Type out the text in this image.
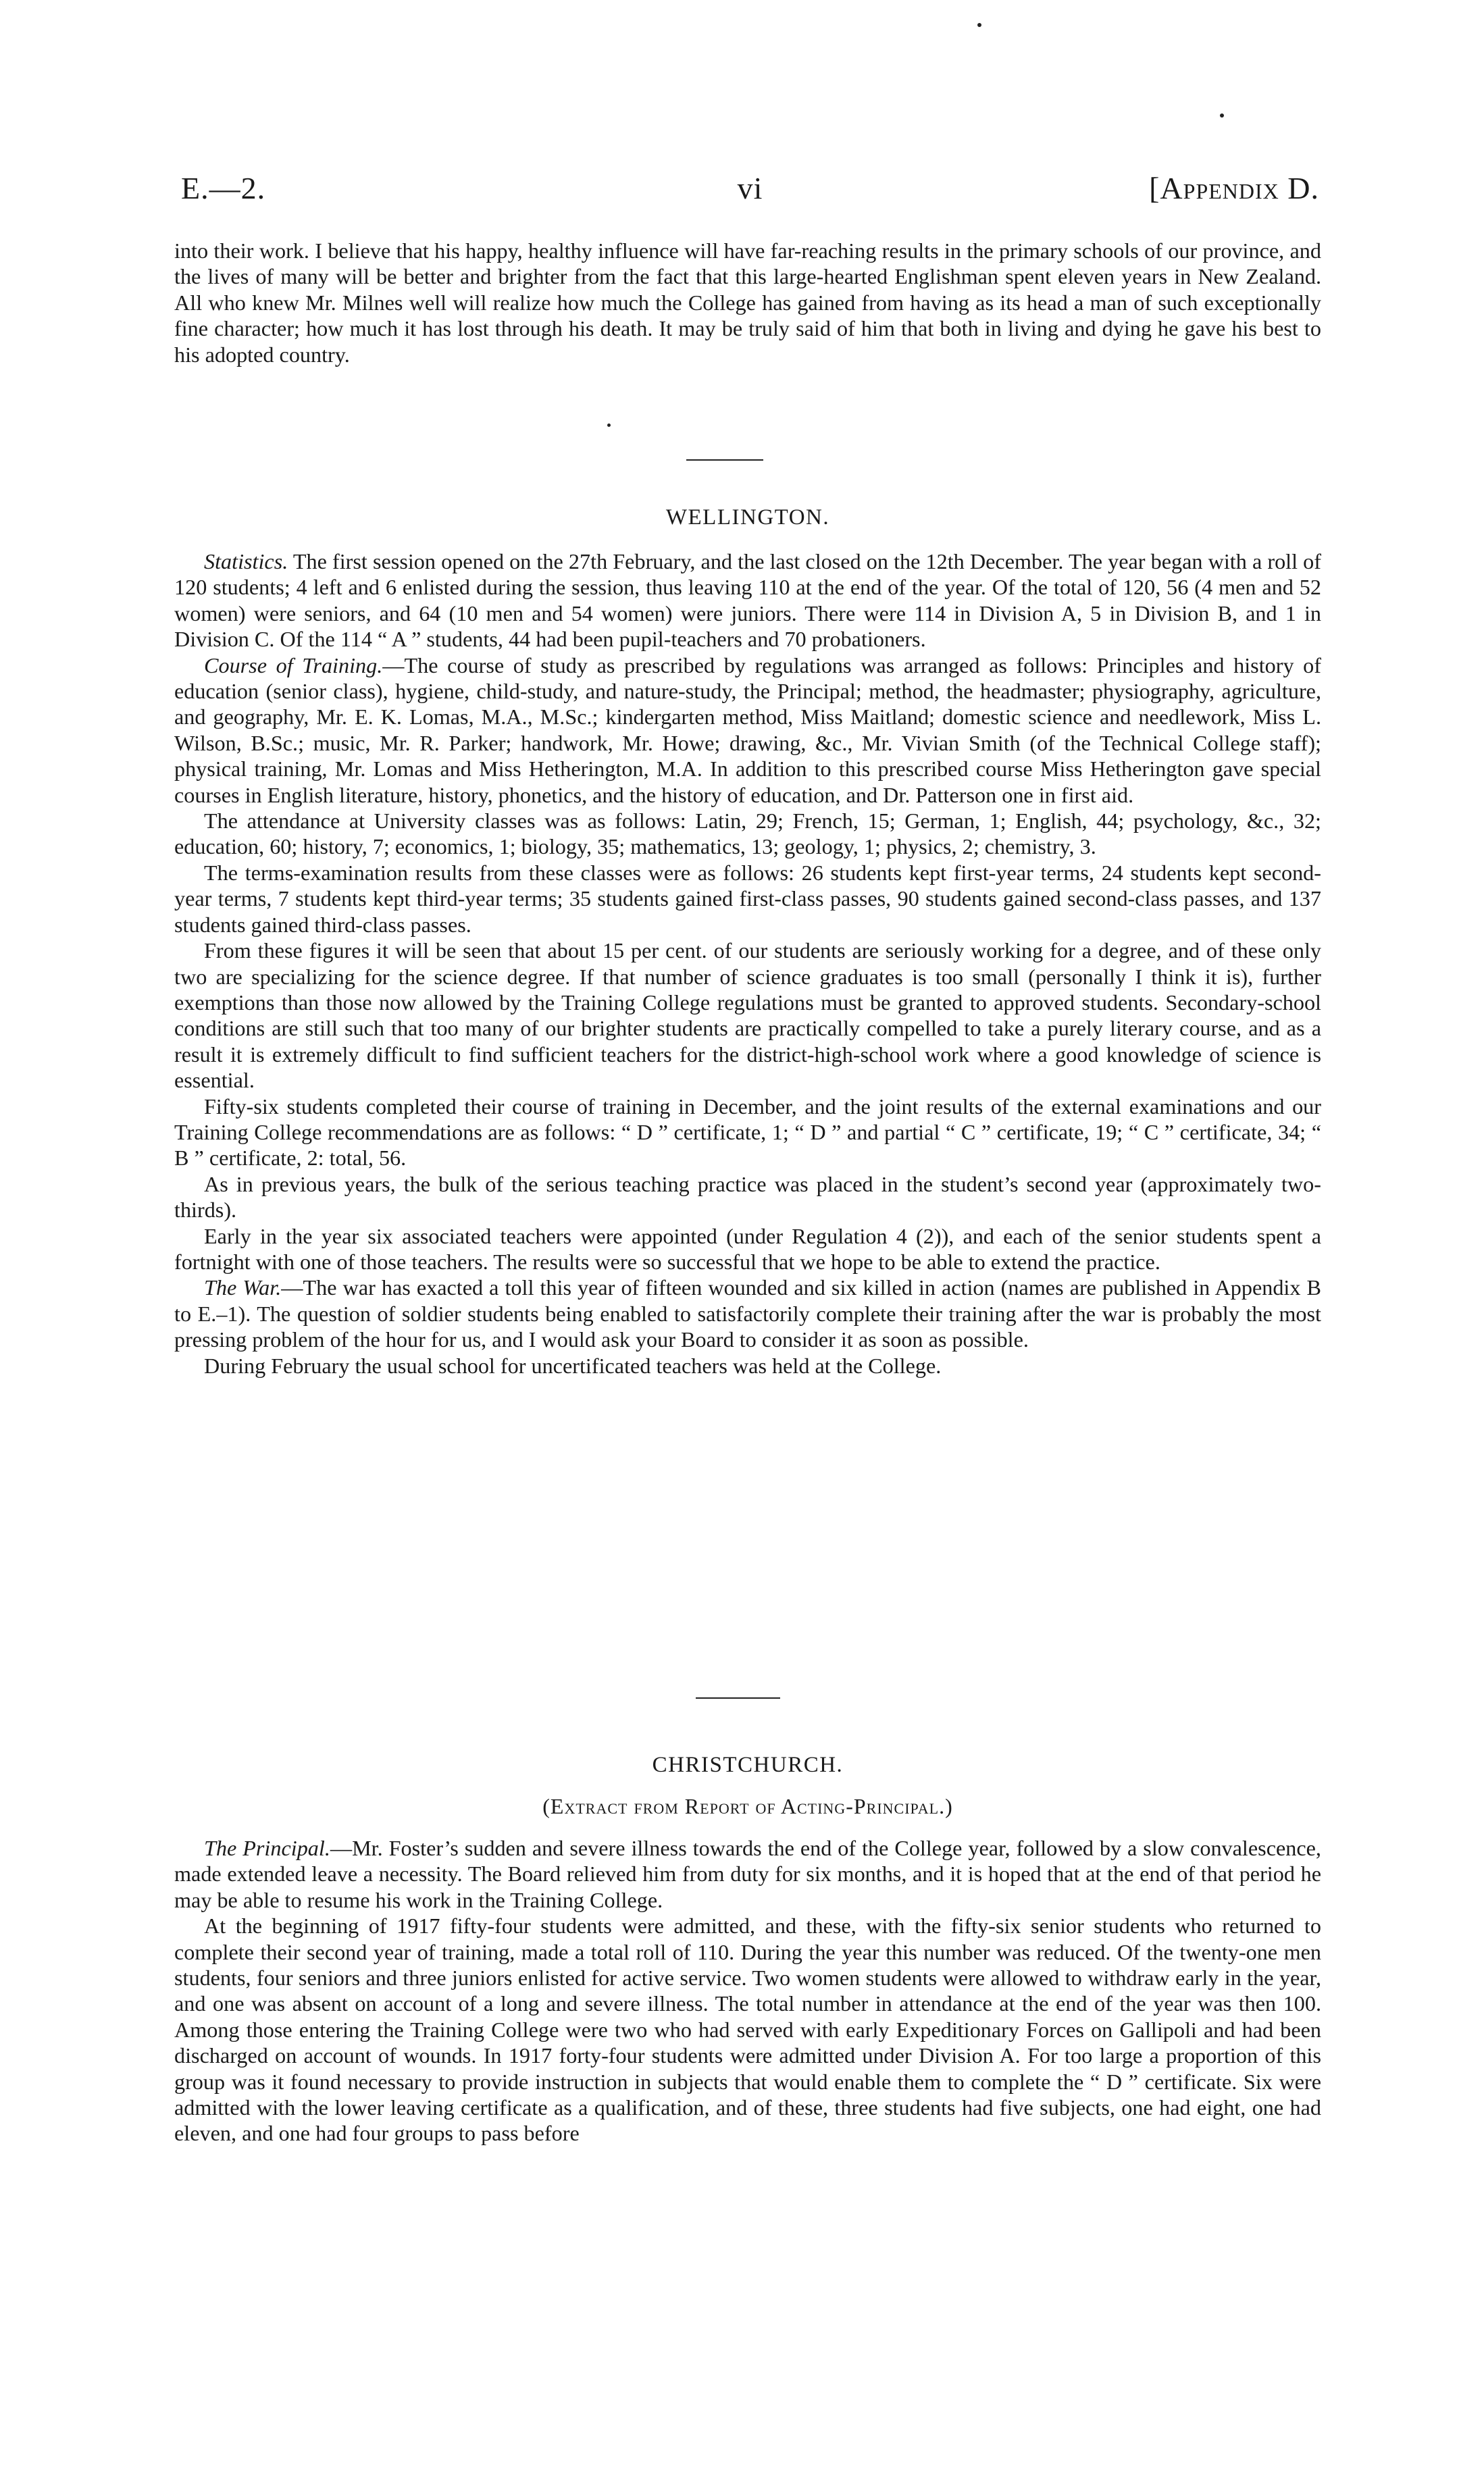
E.—2.	vi	[Appendix D.

into their work. I believe that his happy, healthy influence will have far-reaching results in the primary schools of our province, and the lives of many will be better and brighter from the fact that this large-hearted Englishman spent eleven years in New Zealand. All who knew Mr. Milnes well will realize how much the College has gained from having as its head a man of such exceptionally fine character; how much it has lost through his death. It may be truly said of him that both in living and dying he gave his best to his adopted country.

WELLINGTON.

Statistics. The first session opened on the 27th February, and the last closed on the 12th December. The year began with a roll of 120 students; 4 left and 6 enlisted during the session, thus leaving 110 at the end of the year. Of the total of 120, 56 (4 men and 52 women) were seniors, and 64 (10 men and 54 women) were juniors. There were 114 in Division A, 5 in Division B, and 1 in Division C. Of the 114 “ A ” students, 44 had been pupil-teachers and 70 probationers.

Course of Training.—The course of study as prescribed by regulations was arranged as follows: Principles and history of education (senior class), hygiene, child-study, and nature-study, the Principal; method, the headmaster; physiography, agriculture, and geography, Mr. E. K. Lomas, M.A., M.Sc.; kindergarten method, Miss Maitland; domestic science and needlework, Miss L. Wilson, B.Sc.; music, Mr. R. Parker; handwork, Mr. Howe; drawing, &c., Mr. Vivian Smith (of the Technical College staff); physical training, Mr. Lomas and Miss Hetherington, M.A. In addition to this prescribed course Miss Hetherington gave special courses in English literature, history, phonetics, and the history of education, and Dr. Patterson one in first aid.

The attendance at University classes was as follows: Latin, 29; French, 15; German, 1; English, 44; psychology, &c., 32; education, 60; history, 7; economics, 1; biology, 35; mathematics, 13; geology, 1; physics, 2; chemistry, 3.

The terms-examination results from these classes were as follows: 26 students kept first-year terms, 24 students kept second-year terms, 7 students kept third-year terms; 35 students gained first-class passes, 90 students gained second-class passes, and 137 students gained third-class passes.

From these figures it will be seen that about 15 per cent. of our students are seriously working for a degree, and of these only two are specializing for the science degree. If that number of science graduates is too small (personally I think it is), further exemptions than those now allowed by the Training College regulations must be granted to approved students. Secondary-school conditions are still such that too many of our brighter students are practically compelled to take a purely literary course, and as a result it is extremely difficult to find sufficient teachers for the district-high-school work where a good knowledge of science is essential.

Fifty-six students completed their course of training in December, and the joint results of the external examinations and our Training College recommendations are as follows: “ D ” certificate, 1; “ D ” and partial “ C ” certificate, 19; “ C ” certificate, 34; “ B ” certificate, 2: total, 56.

As in previous years, the bulk of the serious teaching practice was placed in the student’s second year (approximately two-thirds).

Early in the year six associated teachers were appointed (under Regulation 4 (2)), and each of the senior students spent a fortnight with one of those teachers. The results were so successful that we hope to be able to extend the practice.

The War.—The war has exacted a toll this year of fifteen wounded and six killed in action (names are published in Appendix B to E.–1). The question of soldier students being enabled to satisfactorily complete their training after the war is probably the most pressing problem of the hour for us, and I would ask your Board to consider it as soon as possible.

During February the usual school for uncertificated teachers was held at the College.

CHRISTCHURCH.
(Extract from Report of Acting-Principal.)

The Principal.—Mr. Foster’s sudden and severe illness towards the end of the College year, followed by a slow convalescence, made extended leave a necessity. The Board relieved him from duty for six months, and it is hoped that at the end of that period he may be able to resume his work in the Training College.

At the beginning of 1917 fifty-four students were admitted, and these, with the fifty-six senior students who returned to complete their second year of training, made a total roll of 110. During the year this number was reduced. Of the twenty-one men students, four seniors and three juniors enlisted for active service. Two women students were allowed to withdraw early in the year, and one was absent on account of a long and severe illness. The total number in attendance at the end of the year was then 100. Among those entering the Training College were two who had served with early Expeditionary Forces on Gallipoli and had been discharged on account of wounds. In 1917 forty-four students were admitted under Division A. For too large a proportion of this group was it found necessary to provide instruction in subjects that would enable them to complete the “ D ” certificate. Six were admitted with the lower leaving certificate as a qualification, and of these, three students had five subjects, one had eight, one had eleven, and one had four groups to pass before
